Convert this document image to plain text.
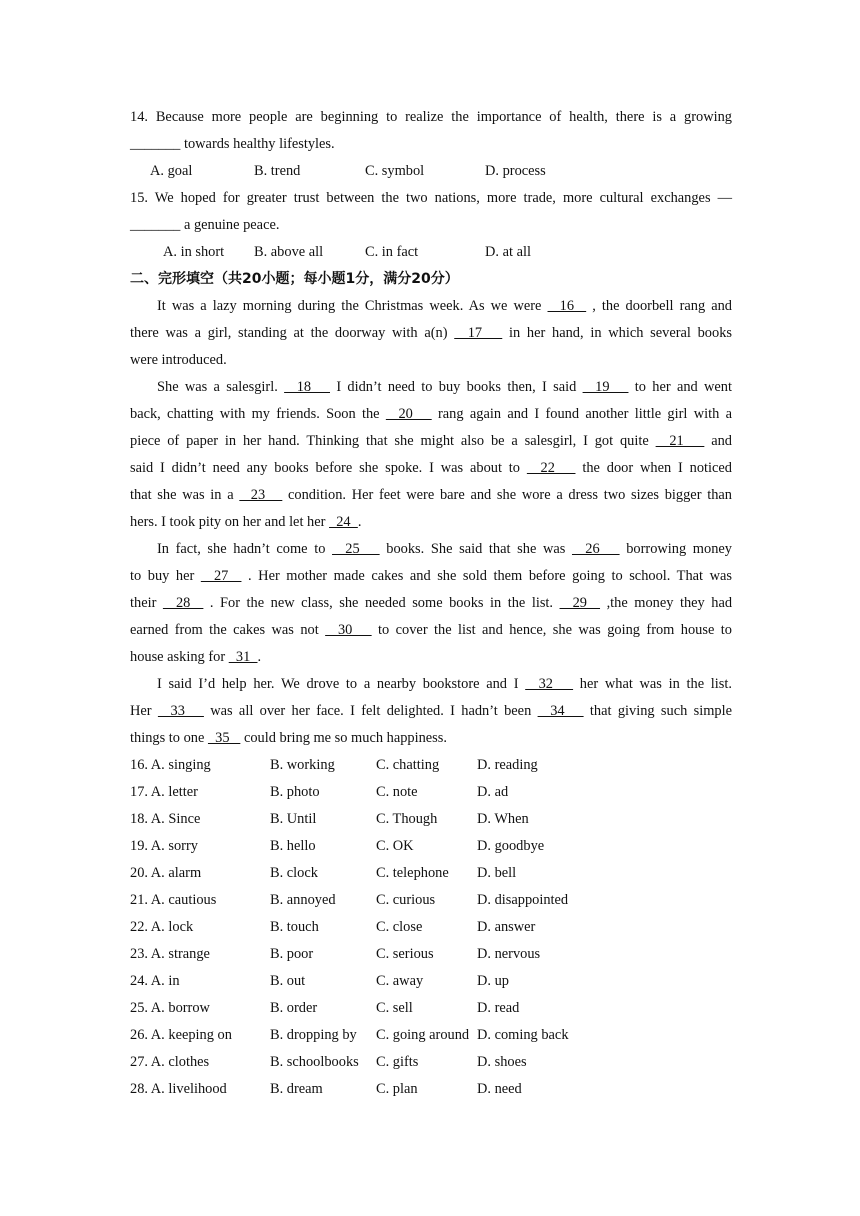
14. Because more people are beginning to realize the importance of health, there is a growing
_______ towards healthy lifestyles.
A. goal	B. trend	C. symbol	D. process
15. We hoped for greater trust between the two nations, more trade, more cultural exchanges —
_______ a genuine peace.
A. in short B. above all	C. in fact	D. at all
二、完形填空（共20小题；每小题1分，满分20分）
It was a lazy morning during the Christmas week. As we were   16   , the doorbell rang and
there was a girl, standing at the doorway with a(n)   17    in her hand, in which several books
were introduced.
She was a salesgirl.   18    I didn’t need to buy books then, I said   19    to her and went
back, chatting with my friends. Soon the   20    rang again and I found another little girl with a
piece of paper in her hand. Thinking that she might also be a salesgirl, I got quite   21    and
said I didn’t need any books before she spoke. I was about to   22    the door when I noticed
that she was in a   23    condition. Her feet were bare and she wore a dress two sizes bigger than
hers. I took pity on her and let her   24  .
In fact, she hadn’t come to   25    books. She said that she was   26    borrowing money
to buy her   27   . Her mother made cakes and she sold them before going to school. That was
their   28   . For the new class, she needed some books in the list.   29   ,the money they had
earned from the cakes was not   30    to cover the list and hence, she was going from house to
house asking for   31  .
I said I’d help her. We drove to a nearby bookstore and I   32    her what was in the list.
Her   33    was all over her face. I felt delighted. I hadn’t been   34    that giving such simple
things to one   35    could bring me so much happiness.
16. A. singing	B. working	C. chatting	D. reading
17. A. letter	B. photo	C. note	D. ad
18. A. Since	B. Until	C. Though	D. When
19. A. sorry	B. hello	C. OK	D. goodbye
20. A. alarm	B. clock	C. telephone D. bell
21. A. cautious	B. annoyed	C. curious	D. disappointed
22. A. lock	B. touch	C. close	D. answer
23. A. strange	B. poor	C. serious	D. nervous
24. A. in	B. out	C. away	D. up
25. A. borrow	B. order	C. sell	D. read
26. A. keeping on	B. dropping by C. going around D. coming back
27. A. clothes	B. schoolbooks C. gifts	D. shoes
28. A. livelihood	B. dream	C. plan	D. need
